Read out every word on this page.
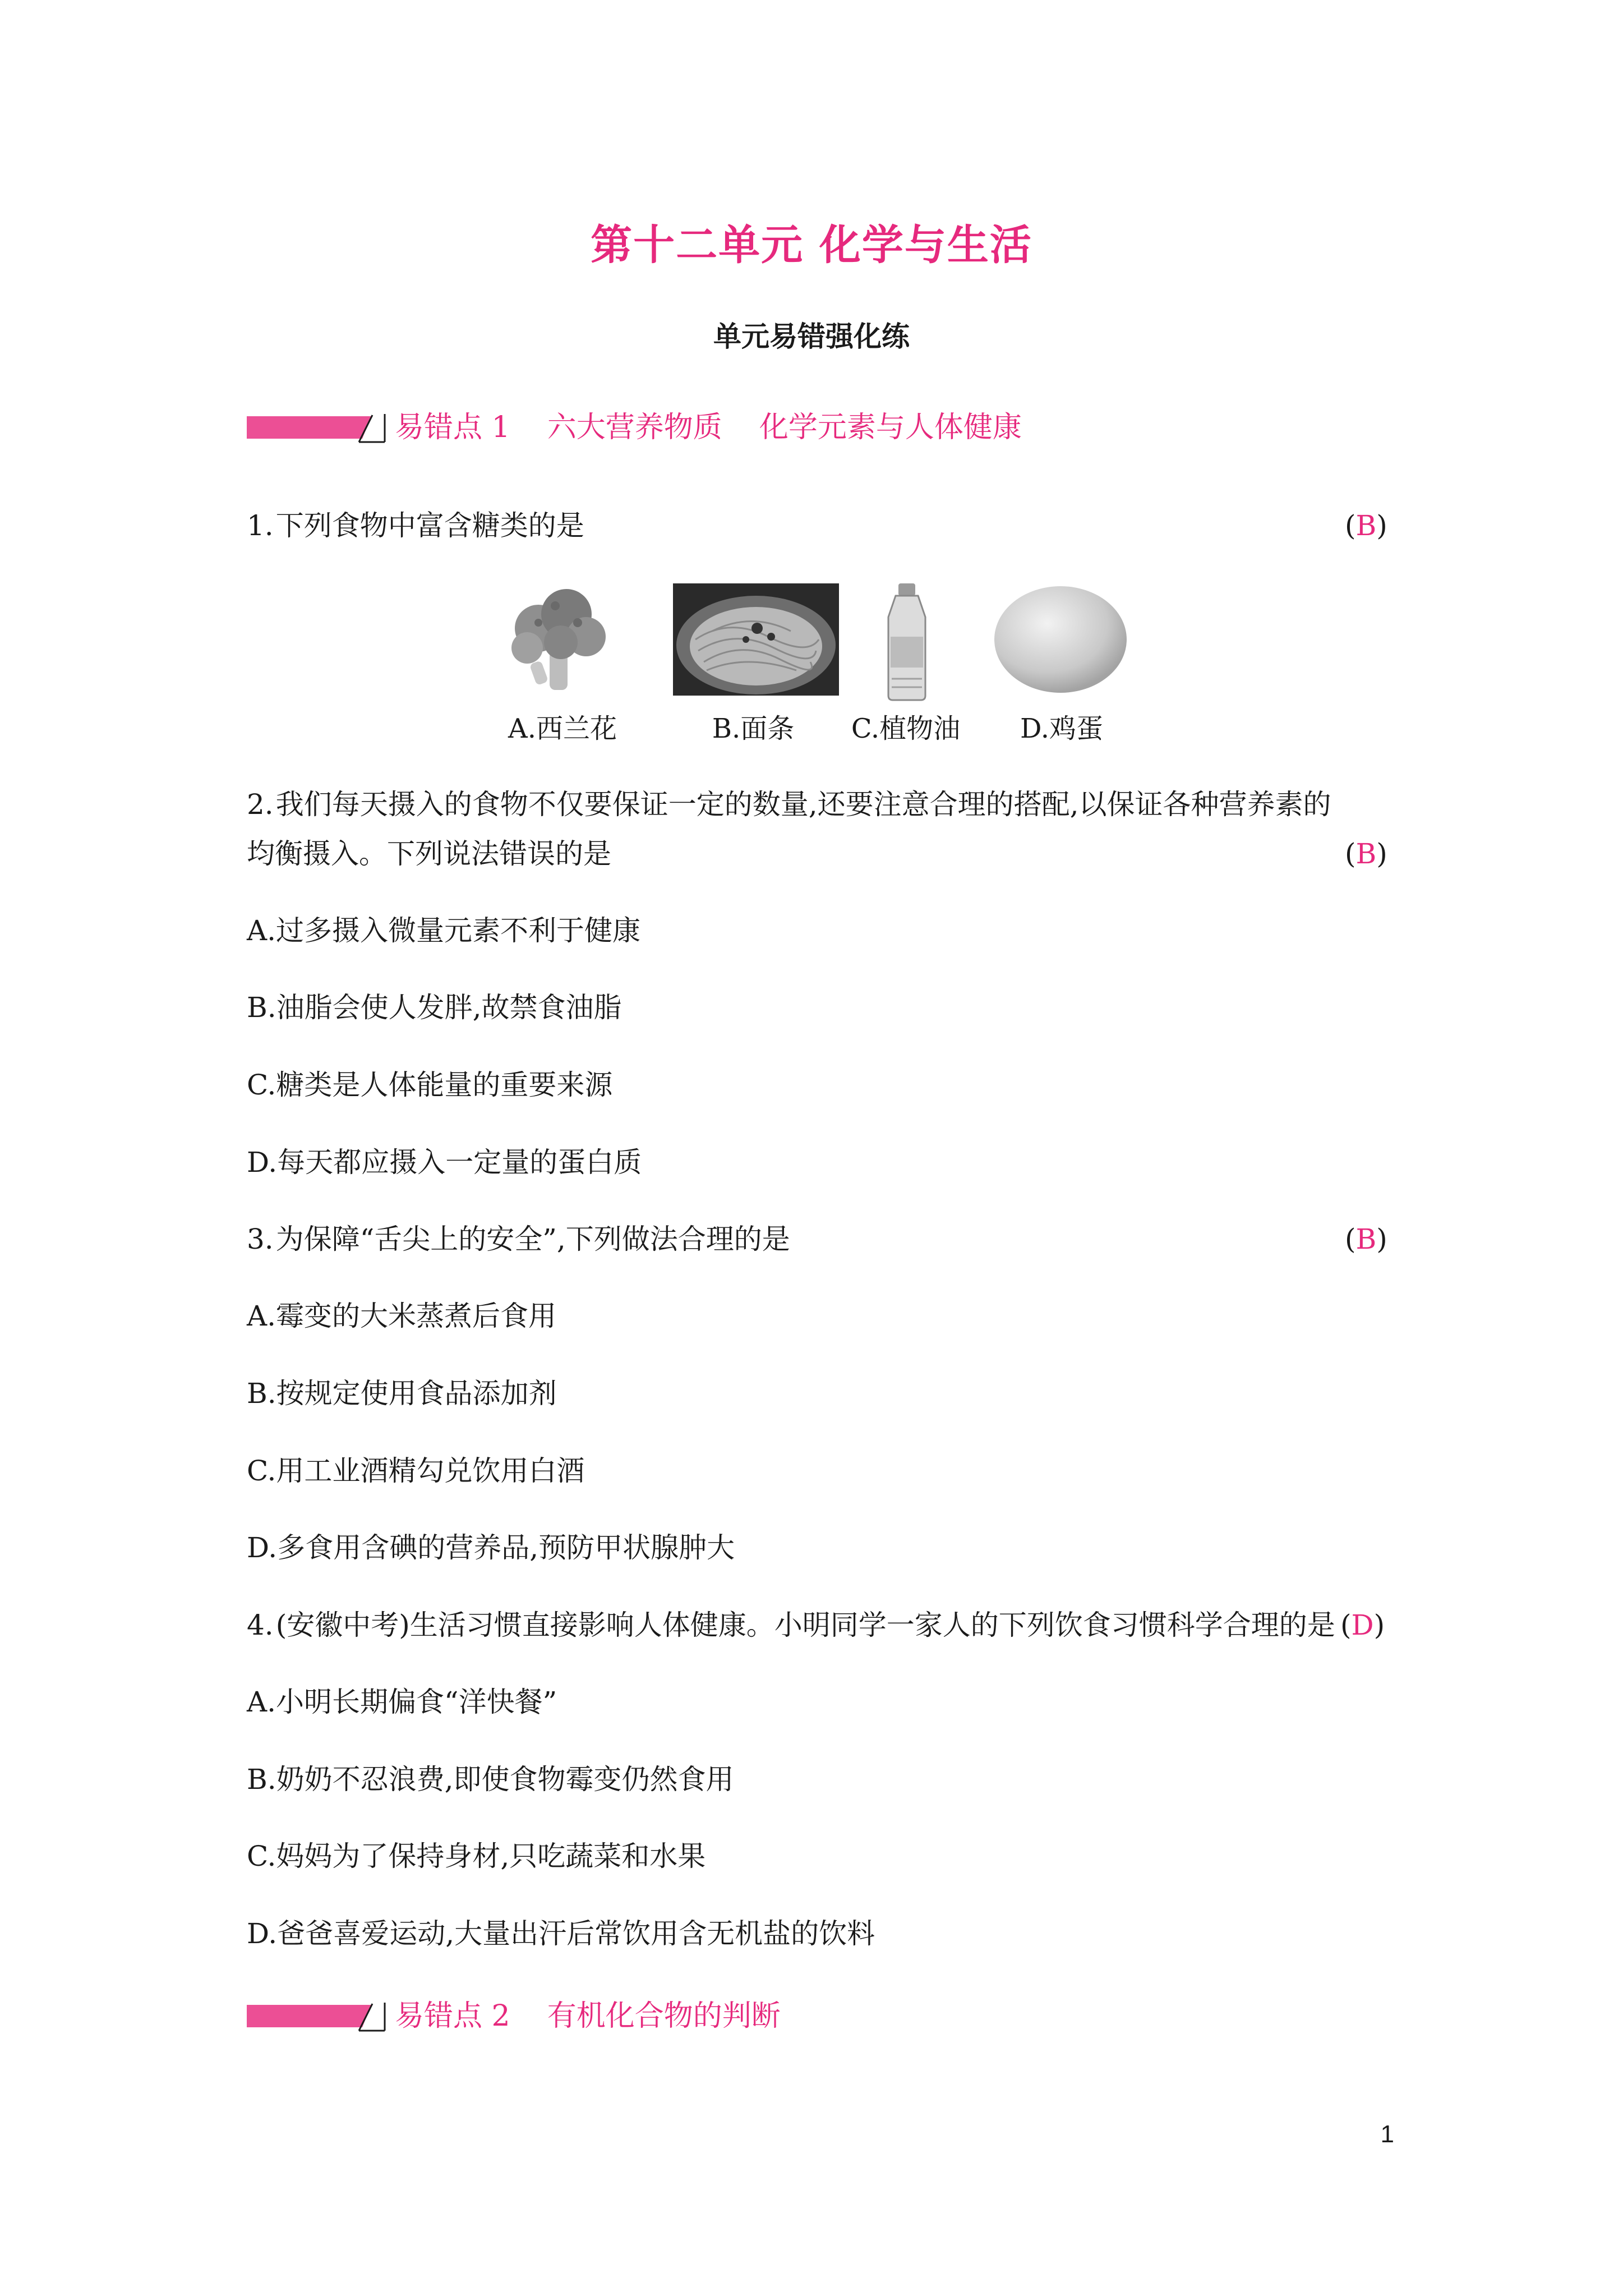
第十二单元 化学与生活
单元易错强化练
易错点 1    六大营养物质    化学元素与人体健康
1.下列食物中富含糖类的是	(B)
A.西兰花	B.面条	C.植物油	D.鸡蛋
2.我们每天摄入的食物不仅要保证一定的数量,还要注意合理的搭配,以保证各种营养素的
均衡摄入。下列说法错误的是	(B)
A.过多摄入微量元素不利于健康
B.油脂会使人发胖,故禁食油脂
C.糖类是人体能量的重要来源
D.每天都应摄入一定量的蛋白质
3.为保障“舌尖上的安全”,下列做法合理的是	(B)
A.霉变的大米蒸煮后食用
B.按规定使用食品添加剂
C.用工业酒精勾兑饮用白酒
D.多食用含碘的营养品,预防甲状腺肿大
4.(安徽中考)生活习惯直接影响人体健康。小明同学一家人的下列饮食习惯科学合理的是 (D)
A.小明长期偏食“洋快餐”
B.奶奶不忍浪费,即使食物霉变仍然食用
C.妈妈为了保持身材,只吃蔬菜和水果
D.爸爸喜爱运动,大量出汗后常饮用含无机盐的饮料
易错点 2    有机化合物的判断
1
